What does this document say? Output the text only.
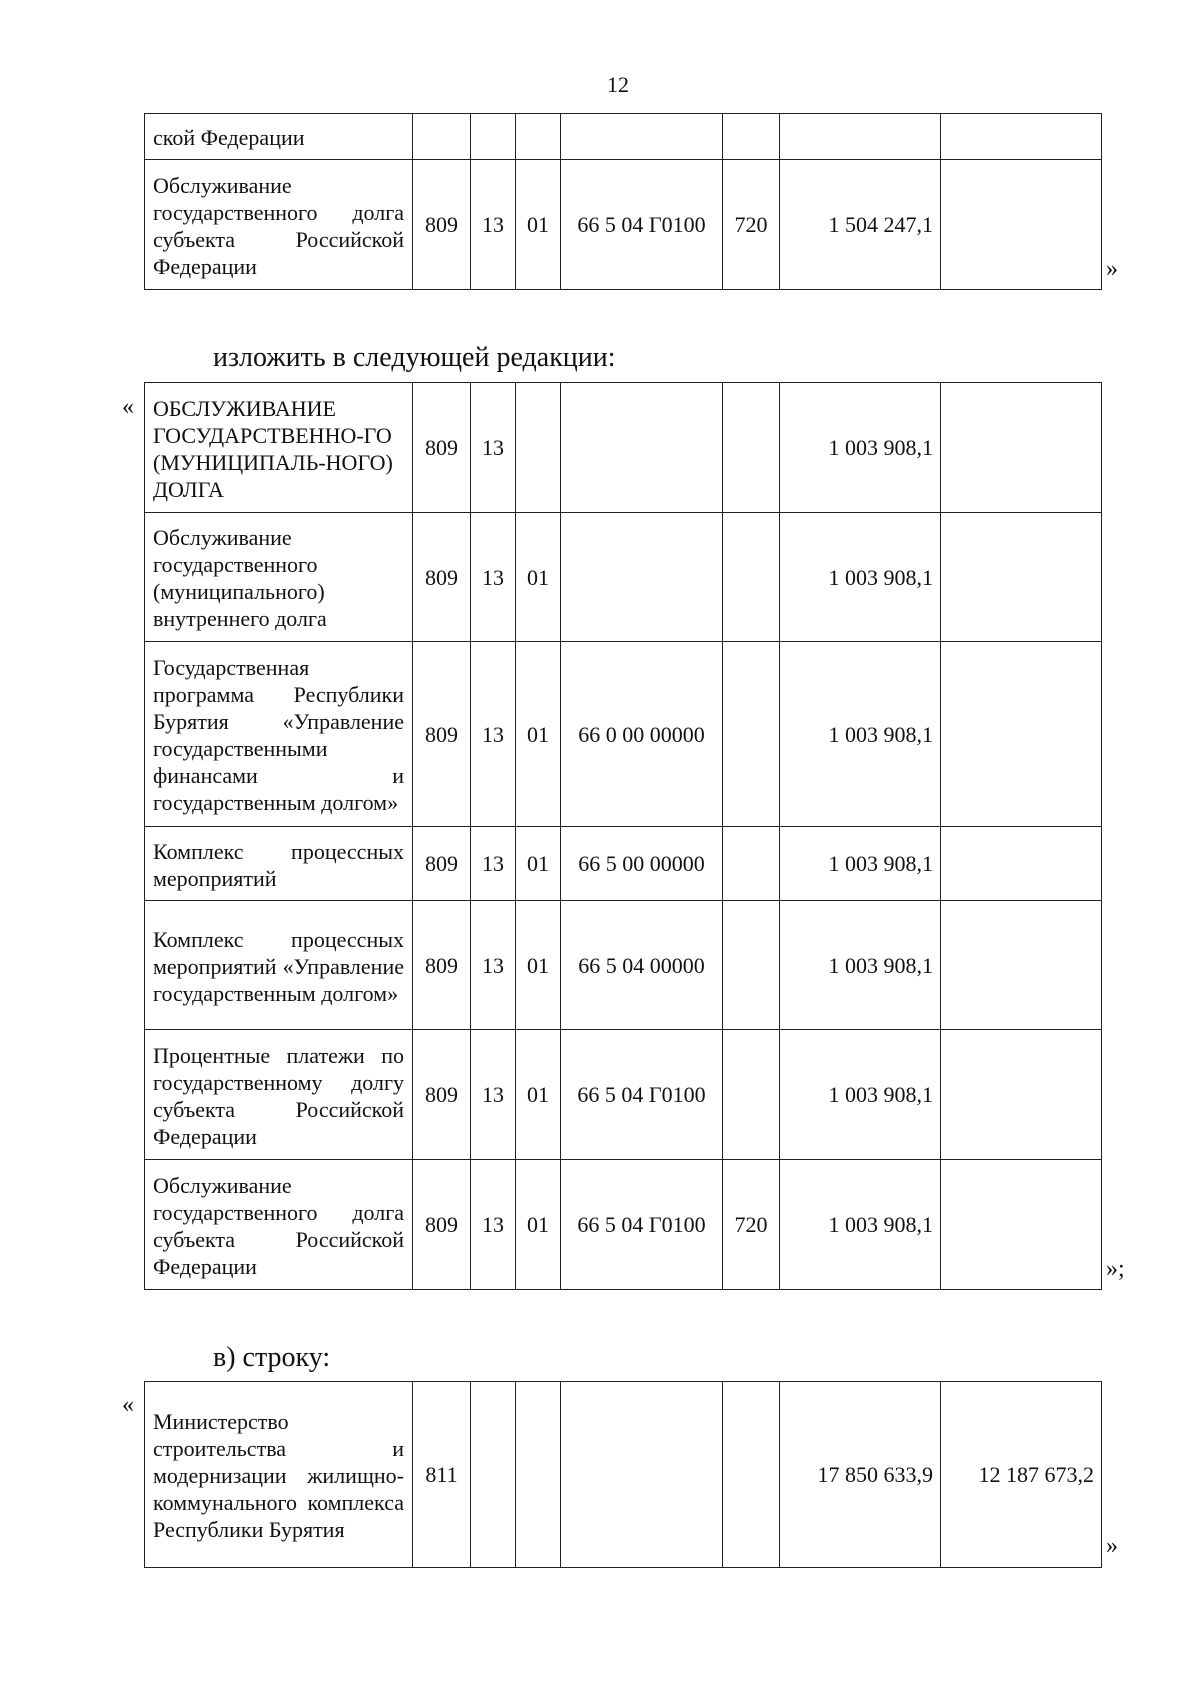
12
ской Федерации							
Обслуживание государственного долга субъекта Российской Федерации	809	13	01	66 5 04 Г0100	720	1 504 247,1	
»
изложить в следующей редакции:
« ОБСЛУЖИВАНИЕ ГОСУДАРСТВЕННО-ГО (МУНИЦИПАЛЬ-НОГО) ДОЛГА	809	13				1 003 908,1	
Обслуживание государственного (муниципального) внутреннего долга	809	13	01			1 003 908,1	
Государственная программа Республики Бурятия «Управление государственными финансами и государственным долгом»	809	13	01	66 0 00 00000		1 003 908,1	
Комплекс процессных мероприятий	809	13	01	66 5 00 00000		1 003 908,1	
Комплекс процессных мероприятий «Управление государственным долгом»	809	13	01	66 5 04 00000		1 003 908,1	
Процентные платежи по государственному долгу субъекта Российской Федерации	809	13	01	66 5 04 Г0100		1 003 908,1	
Обслуживание государственного долга субъекта Российской Федерации	809	13	01	66 5 04 Г0100	720	1 003 908,1	
»;
в) строку:
«
Министерство строительства и модернизации жилищно-коммунального комплекса Республики Бурятия	811					17 850 633,9	12 187 673,2
»
